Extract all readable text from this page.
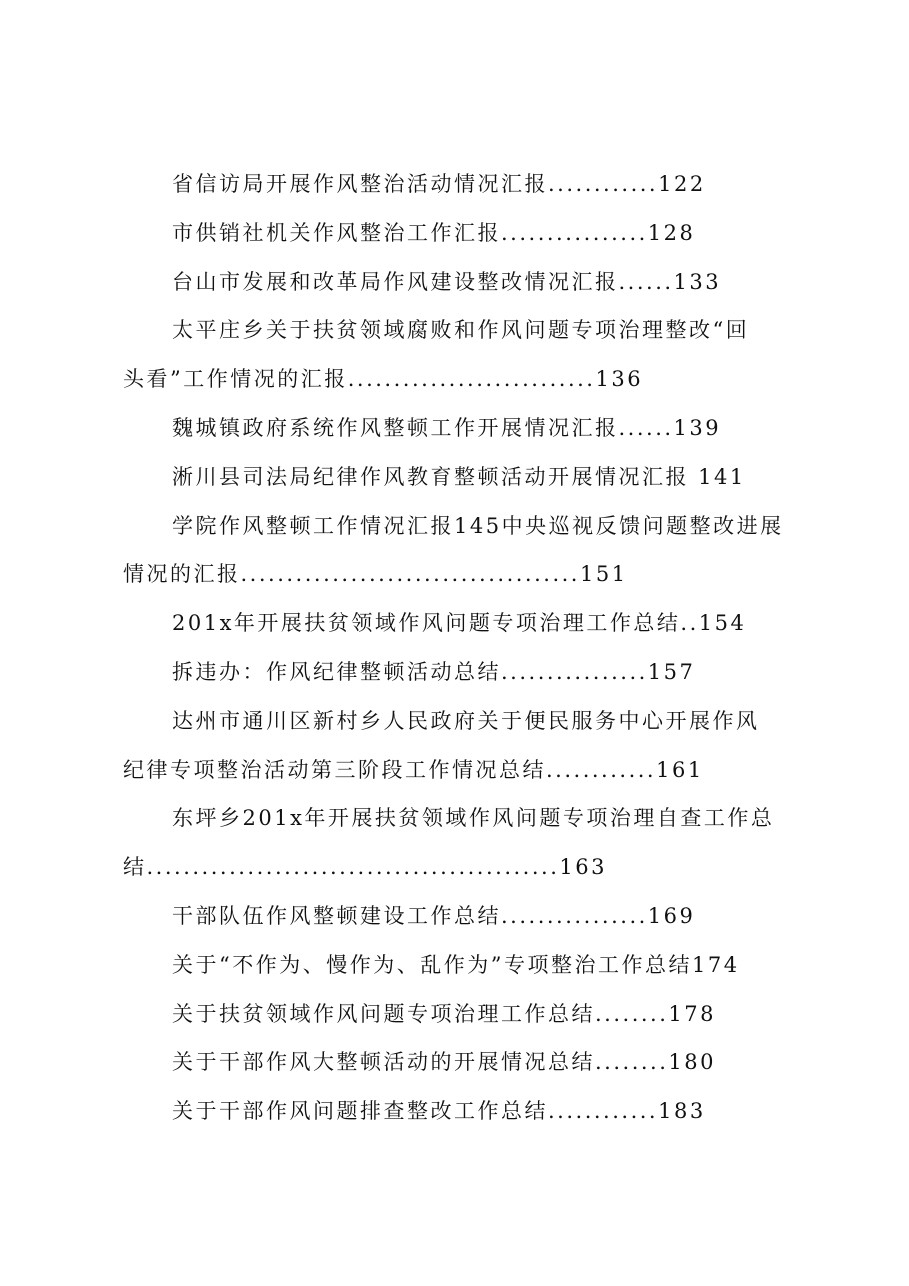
省信访局开展作风整治活动情况汇报............122
市供销社机关作风整治工作汇报................128
台山市发展和改革局作风建设整改情况汇报......133
太平庄乡关于扶贫领域腐败和作风问题专项治理整改“回
头看”工作情况的汇报...........................136
魏城镇政府系统作风整顿工作开展情况汇报......139
淅川县司法局纪律作风教育整顿活动开展情况汇报 141
学院作风整顿工作情况汇报145中央巡视反馈问题整改进展
情况的汇报.....................................151
201x年开展扶贫领域作风问题专项治理工作总结..154
拆违办：作风纪律整顿活动总结................157
达州市通川区新村乡人民政府关于便民服务中心开展作风
纪律专项整治活动第三阶段工作情况总结............161
东坪乡201x年开展扶贫领域作风问题专项治理自查工作总
结.............................................163
干部队伍作风整顿建设工作总结................169
关于“不作为、慢作为、乱作为”专项整治工作总结174
关于扶贫领域作风问题专项治理工作总结........178
关于干部作风大整顿活动的开展情况总结........180
关于干部作风问题排查整改工作总结............183
